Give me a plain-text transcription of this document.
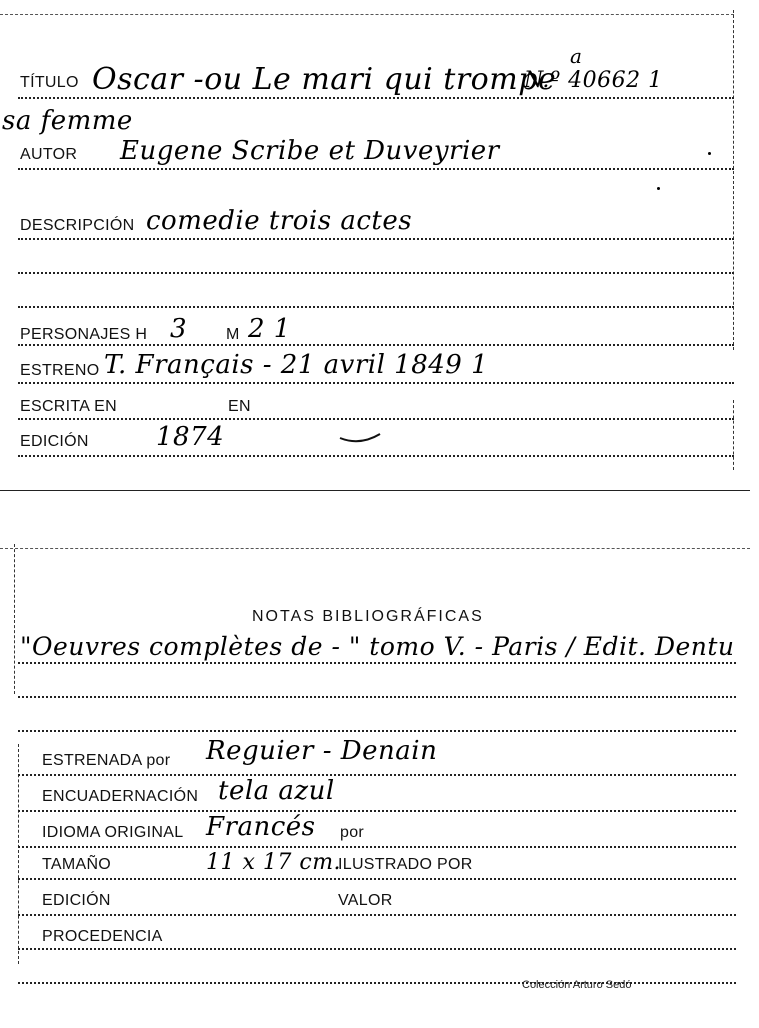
TÍTULO Oscar -ou Le mari qui trompe
N.º 40662 1
a
sa femme
AUTOR Eugene Scribe et Duveyrier
DESCRIPCIÓN comedie trois actes
PERSONAJES H 3 M 2 1
ESTRENO T. Français - 21 avril 1849 1
ESCRITA EN	EN
EDICIÓN	1874
NOTAS BIBLIOGRÁFICAS
"Oeuvres complètes de - " tomo V. - Paris / Edit. Dentu
ESTRENADA por Reguier - Denain
ENCUADERNACIÓN tela azul
IDIOMA ORIGINAL Francés por
TAMAÑO	11 x 17 cm.
ILUSTRADO POR
EDICIÓN	VALOR
PROCEDENCIA
Colección Arturo Sedó
